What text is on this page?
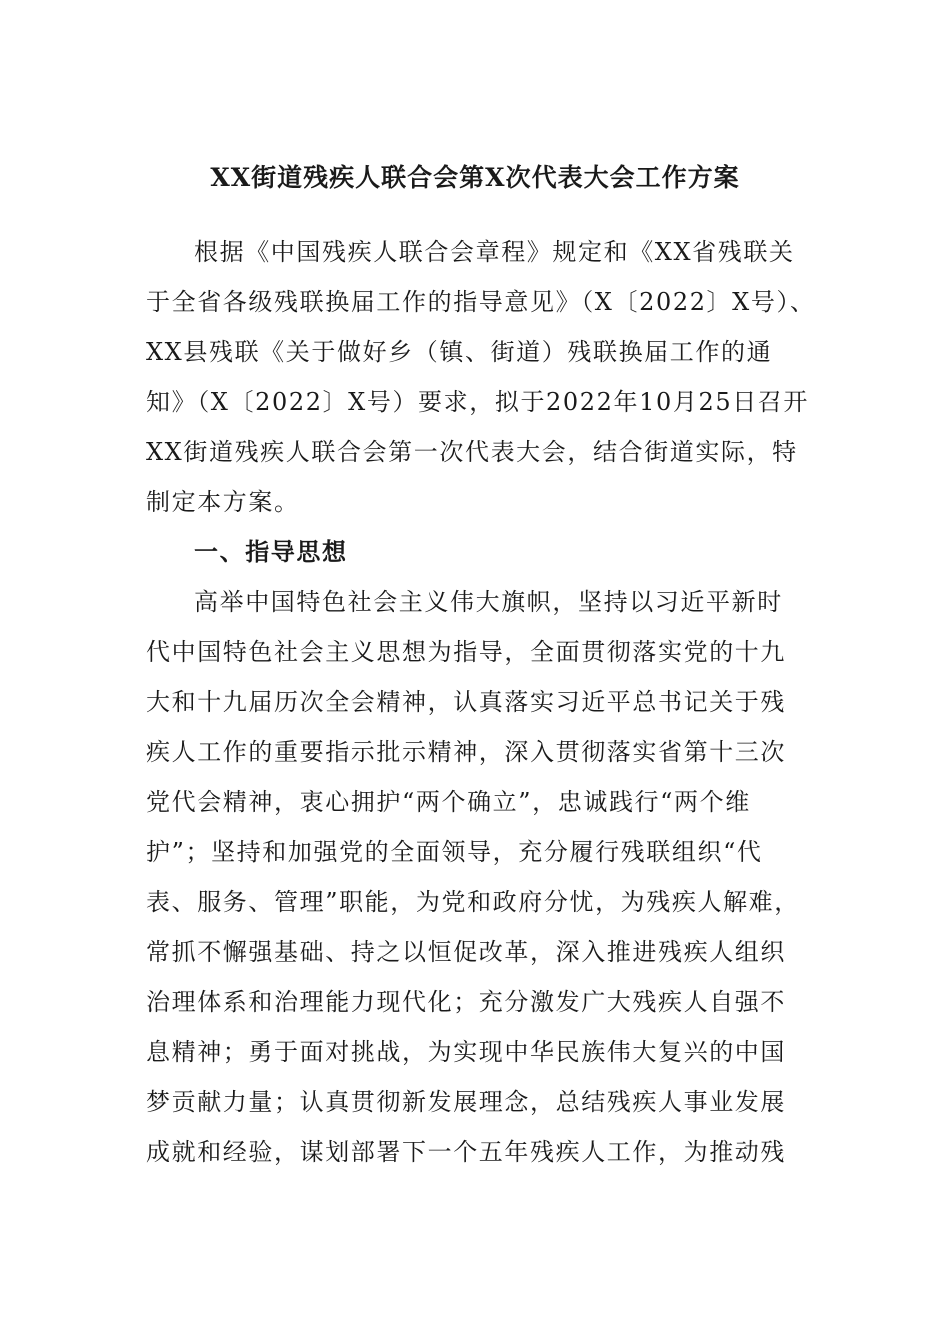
XX街道残疾人联合会第X次代表大会工作方案
根据《中国残疾人联合会章程》规定和《XX省残联关
于全省各级残联换届工作的指导意见》（X〔2022〕X号）、
XX县残联《关于做好乡（镇、街道）残联换届工作的通
知》（X〔2022〕X号）要求，拟于2022年10月25日召开
XX街道残疾人联合会第一次代表大会，结合街道实际，特
制定本方案。
一、指导思想
高举中国特色社会主义伟大旗帜，坚持以习近平新时
代中国特色社会主义思想为指导，全面贯彻落实党的十九
大和十九届历次全会精神，认真落实习近平总书记关于残
疾人工作的重要指示批示精神，深入贯彻落实省第十三次
党代会精神，衷心拥护“两个确立”，忠诚践行“两个维
护”；坚持和加强党的全面领导，充分履行残联组织“代
表、服务、管理”职能，为党和政府分忧，为残疾人解难，
常抓不懈强基础、持之以恒促改革，深入推进残疾人组织
治理体系和治理能力现代化；充分激发广大残疾人自强不
息精神；勇于面对挑战，为实现中华民族伟大复兴的中国
梦贡献力量；认真贯彻新发展理念，总结残疾人事业发展
成就和经验，谋划部署下一个五年残疾人工作，为推动残
